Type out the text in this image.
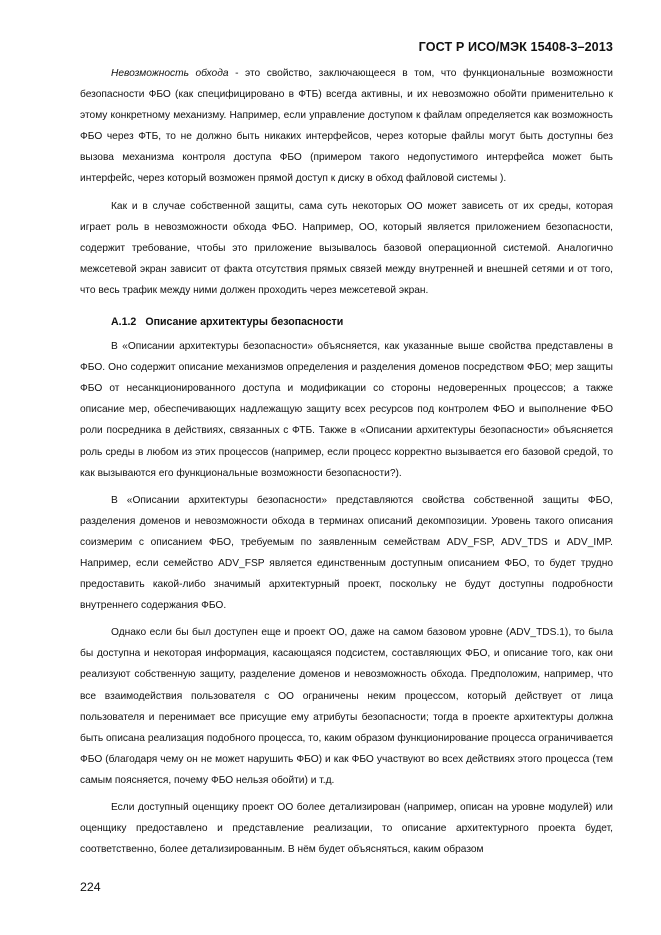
ГОСТ Р ИСО/МЭК 15408-3–2013

Невозможность обхода - это свойство, заключающееся в том, что функциональные возможности безопасности ФБО (как специфицировано в ФТБ) всегда активны, и их невозможно обойти применительно к этому конкретному механизму. Например, если управление доступом к файлам определяется как возможность ФБО через ФТБ, то не должно быть никаких интерфейсов, через которые файлы могут быть доступны без вызова механизма контроля доступа ФБО (примером такого недопустимого интерфейса может быть интерфейс, через который возможен прямой доступ к диску в обход файловой системы ).

Как и в случае собственной защиты, сама суть некоторых ОО может зависеть от их среды, которая играет роль в невозможности обхода ФБО. Например, ОО, который является приложением безопасности, содержит требование, чтобы это приложение вызывалось базовой операционной системой. Аналогично межсетевой экран зависит от факта отсутствия прямых связей между внутренней и внешней сетями и от того, что весь трафик между ними должен проходить через межсетевой экран.

А.1.2 Описание архитектуры безопасности

В «Описании архитектуры безопасности» объясняется, как указанные выше свойства представлены в ФБО. Оно содержит описание механизмов определения и разделения доменов посредством ФБО; мер защиты ФБО от несанкционированного доступа и модификации со стороны недоверенных процессов; а также описание мер, обеспечивающих надлежащую защиту всех ресурсов под контролем ФБО и выполнение ФБО роли посредника в действиях, связанных с ФТБ. Также в «Описании архитектуры безопасности» объясняется роль среды в любом из этих процессов (например, если процесс корректно вызывается его базовой средой, то как вызываются его функциональные возможности безопасности?).

В «Описании архитектуры безопасности» представляются свойства собственной защиты ФБО, разделения доменов и невозможности обхода в терминах описаний декомпозиции. Уровень такого описания соизмерим с описанием ФБО, требуемым по заявленным семействам ADV_FSP, ADV_TDS и ADV_IMP. Например, если семейство ADV_FSP является единственным доступным описанием ФБО, то будет трудно предоставить какой-либо значимый архитектурный проект, поскольку не будут доступны подробности внутреннего содержания ФБО.

Однако если бы был доступен еще и проект ОО, даже на самом базовом уровне (ADV_TDS.1), то была бы доступна и некоторая информация, касающаяся подсистем, составляющих ФБО, и описание того, как они реализуют собственную защиту, разделение доменов и невозможность обхода. Предположим, например, что все взаимодействия пользователя с ОО ограничены неким процессом, который действует от лица пользователя и перенимает все присущие ему атрибуты безопасности; тогда в проекте архитектуры должна быть описана реализация подобного процесса, то, каким образом функционирование процесса ограничивается ФБО (благодаря чему он не может нарушить ФБО) и как ФБО участвуют во всех действиях этого процесса (тем самым поясняется, почему ФБО нельзя обойти) и т.д.

Если доступный оценщику проект ОО более детализирован (например, описан на уровне модулей) или оценщику предоставлено и представление реализации, то описание архитектурного проекта будет, соответственно, более детализированным. В нём будет объясняться, каким образом

224
